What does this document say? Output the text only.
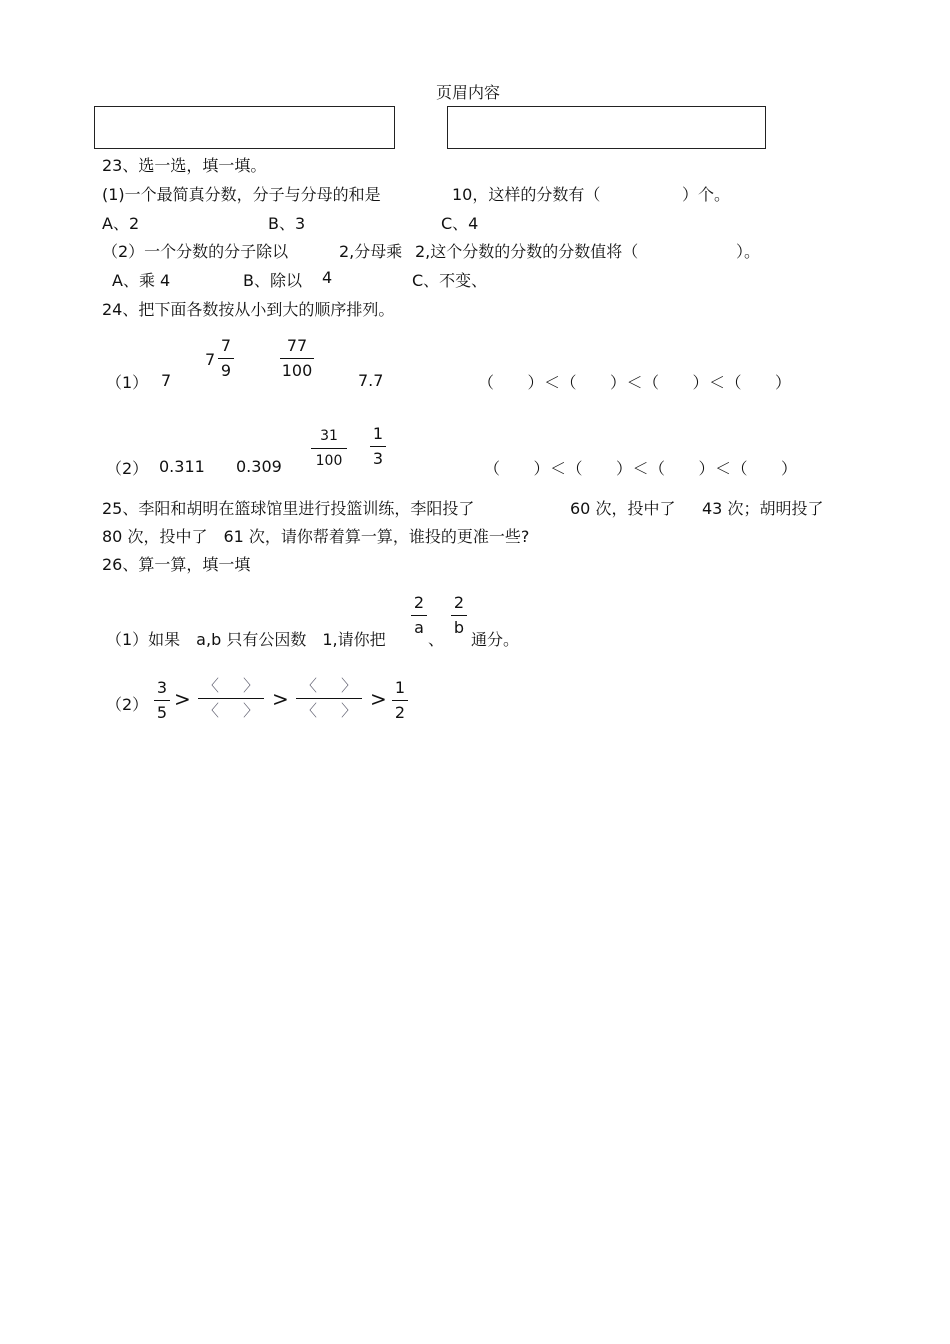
页眉内容
23、选一选，填一填。
(1)一个最简真分数，分子与分母的和是	10，这样的分数有（	）个。
A、2	B、3	C、4
（2）一个分数的分子除以	2,分母乘 2,这个分数的分数的分数值将（	）。
A、乘 4	B、除以 4	C、不变、
24、把下面各数按从小到大的顺序排列。
（1） 7
7
7
9
77
100
7.7	（　　）＜（　　）＜（　　）＜（　　）
（2） 0.311 0.309
31
100
1
3
（　　）＜（　　）＜（　　）＜（　　）
25、李阳和胡明在篮球馆里进行投篮训练，李阳投了	60 次，投中了 43 次；胡明投了
80 次，投中了　61 次，请你帮着算一算，谁投的更准一些?
26、算一算，填一填
（1）如果　a,b 只有公因数　1,请你把
2
a
、
2
b
通分。
（2）
3
5
>
〈   〉
〈   〉 >
〈   〉
〈   〉 > 1
2
